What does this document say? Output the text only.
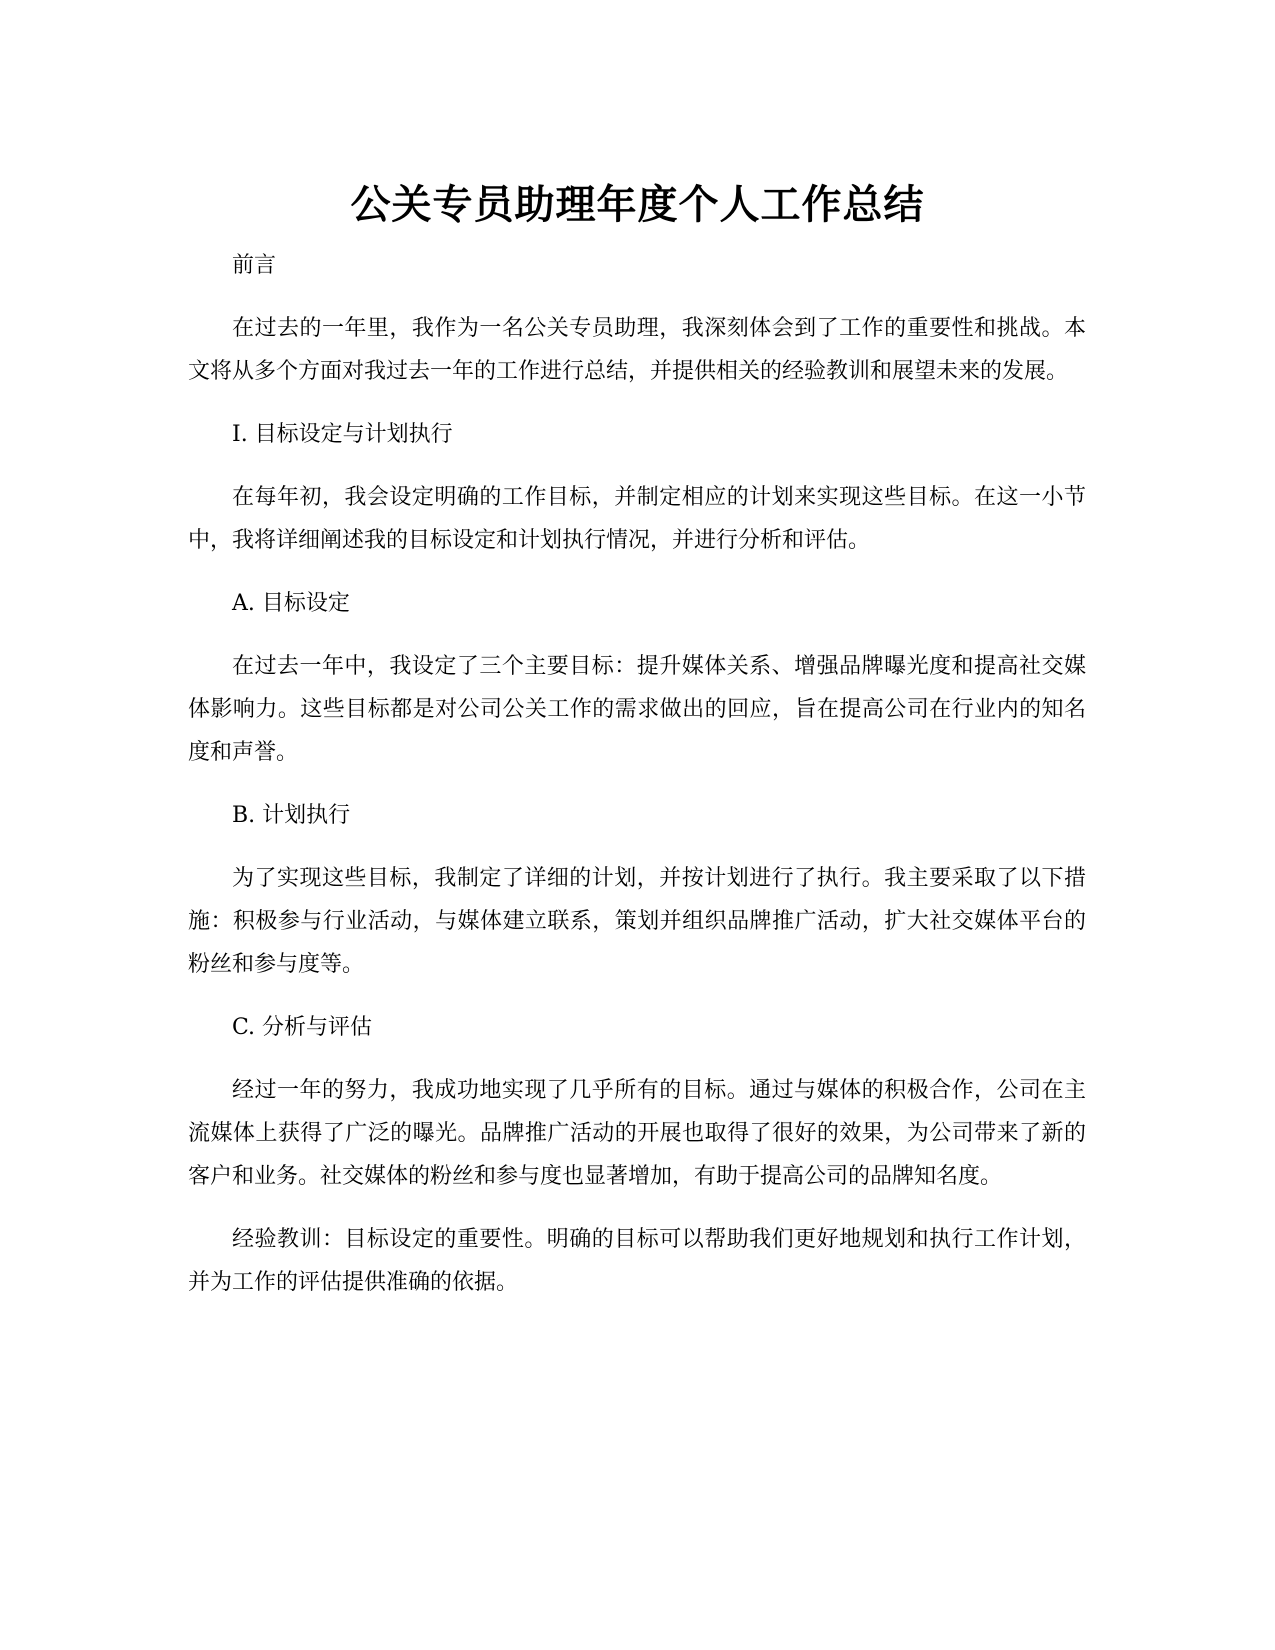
公关专员助理年度个人工作总结

前言

在过去的一年里，我作为一名公关专员助理，我深刻体会到了工作的重要性和挑战。本文将从多个方面对我过去一年的工作进行总结，并提供相关的经验教训和展望未来的发展。

I. 目标设定与计划执行

在每年初，我会设定明确的工作目标，并制定相应的计划来实现这些目标。在这一小节中，我将详细阐述我的目标设定和计划执行情况，并进行分析和评估。

A. 目标设定

在过去一年中，我设定了三个主要目标：提升媒体关系、增强品牌曝光度和提高社交媒体影响力。这些目标都是对公司公关工作的需求做出的回应，旨在提高公司在行业内的知名度和声誉。

B. 计划执行

为了实现这些目标，我制定了详细的计划，并按计划进行了执行。我主要采取了以下措施：积极参与行业活动，与媒体建立联系，策划并组织品牌推广活动，扩大社交媒体平台的粉丝和参与度等。

C. 分析与评估

经过一年的努力，我成功地实现了几乎所有的目标。通过与媒体的积极合作，公司在主流媒体上获得了广泛的曝光。品牌推广活动的开展也取得了很好的效果，为公司带来了新的客户和业务。社交媒体的粉丝和参与度也显著增加，有助于提高公司的品牌知名度。

经验教训：目标设定的重要性。明确的目标可以帮助我们更好地规划和执行工作计划，并为工作的评估提供准确的依据。
